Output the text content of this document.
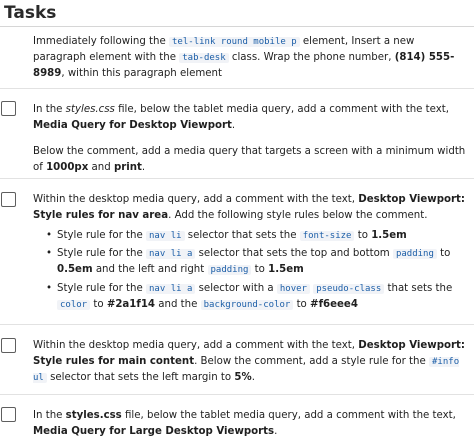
Tasks

Immediately following the tel-link round mobile p element, Insert a new paragraph element with the tab-desk class. Wrap the phone number, (814) 555-8989, within this paragraph element

In the styles.css file, below the tablet media query, add a comment with the text, Media Query for Desktop Viewport.

Below the comment, add a media query that targets a screen with a minimum width of 1000px and print.

Within the desktop media query, add a comment with the text, Desktop Viewport: Style rules for nav area. Add the following style rules below the comment.

• Style rule for the nav li selector that sets the font-size to 1.5em
• Style rule for the nav li a selector that sets the top and bottom padding to 0.5em and the left and right padding to 1.5em
• Style rule for the nav li a selector with a hover pseudo-class that sets the color to #2a1f14 and the background-color to #f6eee4

Within the desktop media query, add a comment with the text, Desktop Viewport: Style rules for main content. Below the comment, add a style rule for the #info ul selector that sets the left margin to 5%.

In the styles.css file, below the tablet media query, add a comment with the text, Media Query for Large Desktop Viewports.
